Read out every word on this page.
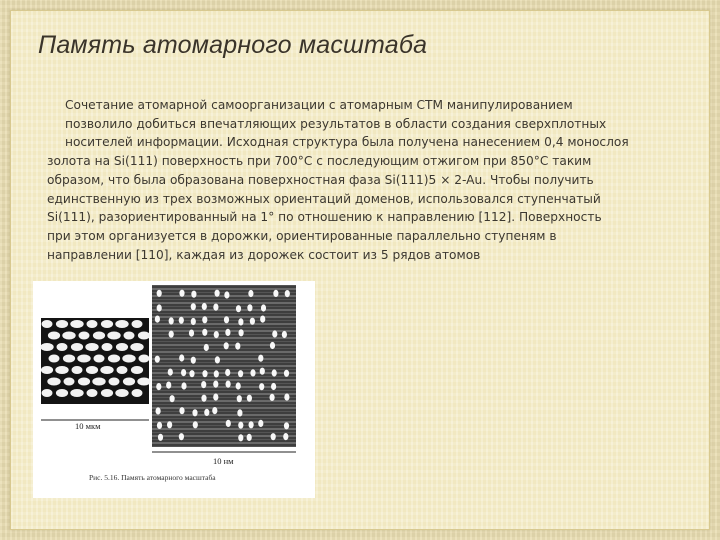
Память атомарного масштаба
Сочетание атомарной самоорганизации с атомарным СТМ манипулированием
позволило добиться впечатляющих результатов в области создания сверхплотных
носителей информации. Исходная структура была получена нанесением 0,4 монослоя
золота на Si(111) поверхность при 700°С с последующим отжигом при 850°С таким
образом, что была образована поверхностная фаза Si(111)5 × 2-Au. Чтобы получить
единственную из трех возможных ориентаций доменов, использовался ступенчатый
Si(111), разориентированный на 1° по отношению к направлению [112]. Поверхность
при этом организуется в дорожки, ориентированные параллельно ступеням в
направлении [110], каждая из дорожек состоит из 5 рядов атомов
10 мкм
10 нм
Рис. 5.16. Память атомарного масштаба
